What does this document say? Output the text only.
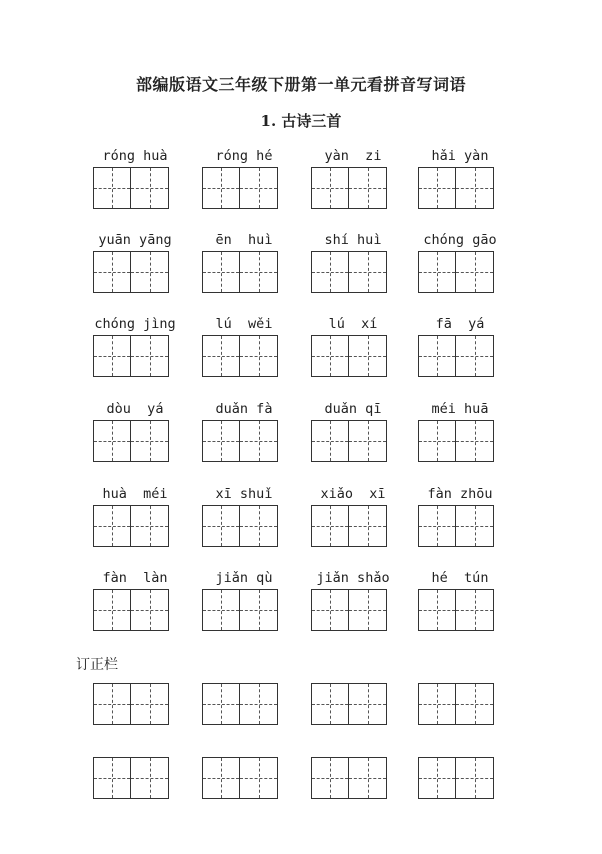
部编版语文三年级下册第一单元看拼音写词语
1. 古诗三首
róng huà	róng hé	yàn  zi	hǎi yàn
yuān yāng	ēn  huì	shí huì	chóng gāo
chóng jìng	lú  wěi	lú  xí	fā  yá
dòu  yá	duǎn fà	duǎn qī	méi huā
huà  méi	xī shuǐ	xiǎo  xī	fàn zhōu
fàn  làn	jiǎn qù	jiǎn shǎo	hé  tún
订正栏
